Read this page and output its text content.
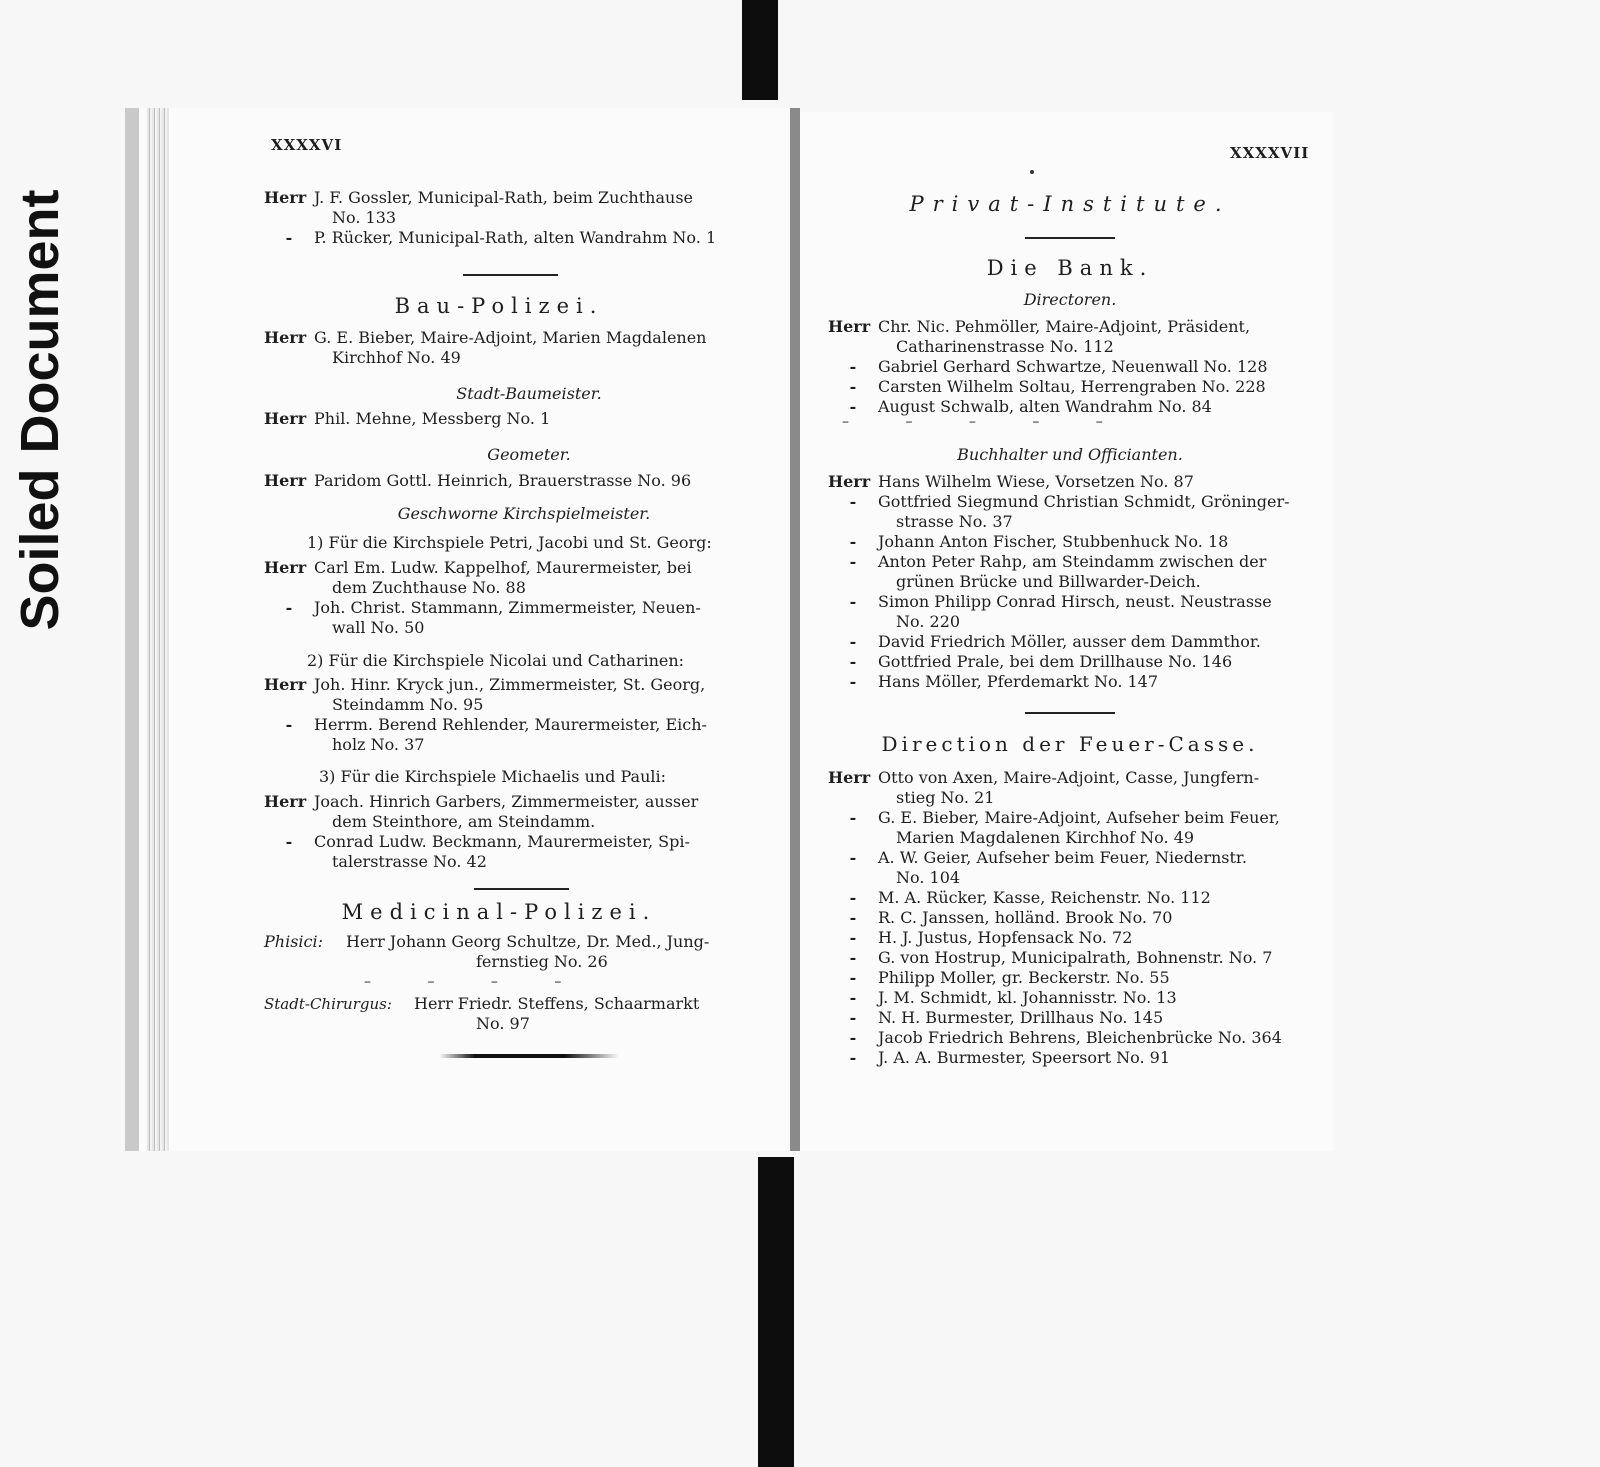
Soiled Document
XXXXVI
Herr J. F. Gossler, Municipal-Rath, beim Zuchthause
No. 133
-	P. Rücker, Municipal-Rath, alten Wandrahm No. 1
Bau-Polizei.
Herr G. E. Bieber, Maire-Adjoint, Marien Magdalenen
Kirchhof No. 49
Stadt-Baumeister.
Herr Phil. Mehne, Messberg No. 1
Geometer.
Herr Paridom Gottl. Heinrich, Brauerstrasse No. 96
Geschworne Kirchspielmeister.
1) Für die Kirchspiele Petri, Jacobi und St. Georg:
Herr Carl Em. Ludw. Kappelhof, Maurermeister, bei
dem Zuchthause No. 88
-	Joh. Christ. Stammann, Zimmermeister, Neuen-
wall No. 50
2) Für die Kirchspiele Nicolai und Catharinen:
Herr Joh. Hinr. Kryck jun., Zimmermeister, St. Georg,
Steindamm No. 95
-	Herrm. Berend Rehlender, Maurermeister, Eich-
holz No. 37
3) Für die Kirchspiele Michaelis und Pauli:
Herr Joach. Hinrich Garbers, Zimmermeister, ausser
dem Steinthore, am Steindamm.
-	Conrad Ludw. Beckmann, Maurermeister, Spi-
talerstrasse No. 42
Medicinal-Polizei.
Phisici:	Herr Johann Georg Schultze, Dr. Med., Jung-
fernstieg No. 26
– – – –
Stadt-Chirurgus:	Herr Friedr. Steffens, Schaarmarkt
No. 97
XXXXVII
Privat-Institute.
Die Bank.
Directoren.
Herr Chr. Nic. Pehmöller, Maire-Adjoint, Präsident,
Catharinenstrasse No. 112
-	Gabriel Gerhard Schwartze, Neuenwall No. 128
-	Carsten Wilhelm Soltau, Herrengraben No. 228
-	August Schwalb, alten Wandrahm No. 84
– – – – –
Buchhalter und Officianten.
Herr Hans Wilhelm Wiese, Vorsetzen No. 87
-	Gottfried Siegmund Christian Schmidt, Gröninger-
strasse No. 37
-	Johann Anton Fischer, Stubbenhuck No. 18
-	Anton Peter Rahp, am Steindamm zwischen der
grünen Brücke und Billwarder-Deich.
-	Simon Philipp Conrad Hirsch, neust. Neustrasse
No. 220
-	David Friedrich Möller, ausser dem Dammthor.
-	Gottfried Prale, bei dem Drillhause No. 146
-	Hans Möller, Pferdemarkt No. 147
Direction der Feuer-Casse.
Herr Otto von Axen, Maire-Adjoint, Casse, Jungfern-
stieg No. 21
-	G. E. Bieber, Maire-Adjoint, Aufseher beim Feuer,
Marien Magdalenen Kirchhof No. 49
-	A. W. Geier, Aufseher beim Feuer, Niedernstr.
No. 104
-	M. A. Rücker, Kasse, Reichenstr. No. 112
-	R. C. Janssen, holländ. Brook No. 70
-	H. J. Justus, Hopfensack No. 72
-	G. von Hostrup, Municipalrath, Bohnenstr. No. 7
-	Philipp Moller, gr. Beckerstr. No. 55
-	J. M. Schmidt, kl. Johannisstr. No. 13
-	N. H. Burmester, Drillhaus No. 145
-	Jacob Friedrich Behrens, Bleichenbrücke No. 364
-	J. A. A. Burmester, Speersort No. 91
